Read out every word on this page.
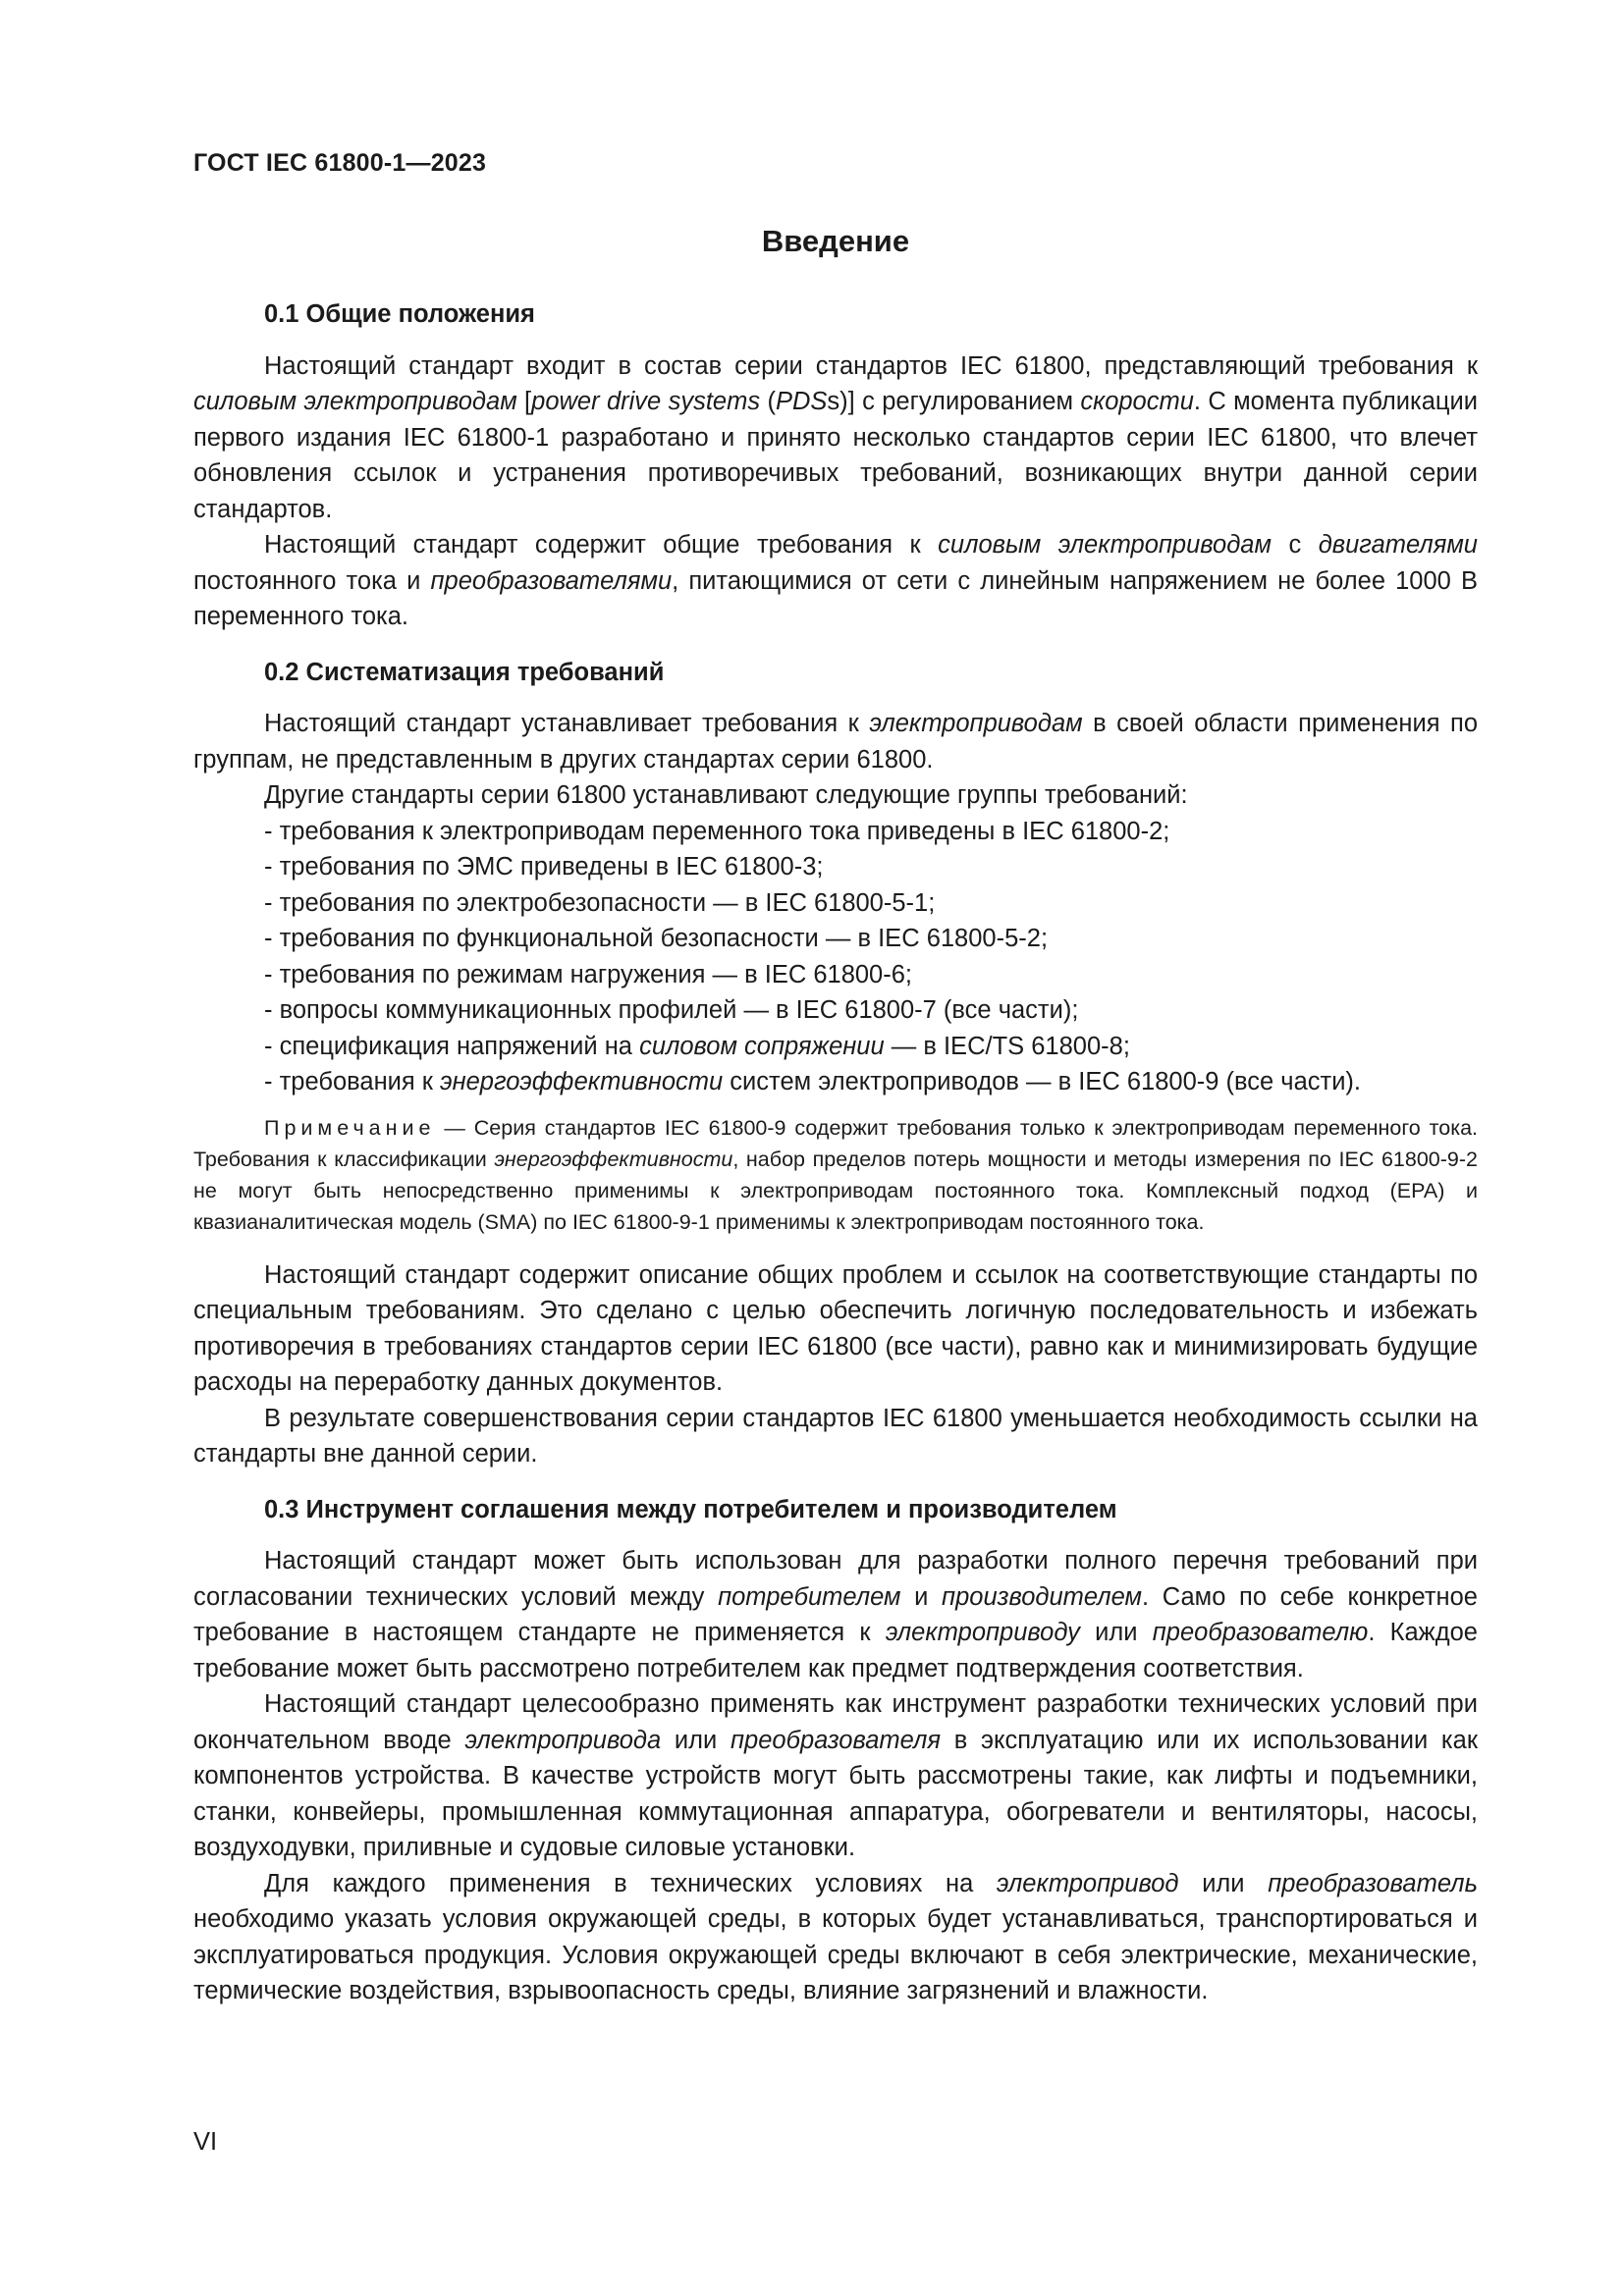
ГОСТ IEC 61800-1—2023
Введение
0.1 Общие положения

Настоящий стандарт входит в состав серии стандартов IEC 61800, представляющий требования к силовым электроприводам [power drive systems (PDSs)] с регулированием скорости. С момента публикации первого издания IEC 61800-1 разработано и принято несколько стандартов серии IEC 61800, что влечет обновления ссылок и устранения противоречивых требований, возникающих внутри данной серии стандартов.

Настоящий стандарт содержит общие требования к силовым электроприводам с двигателями постоянного тока и преобразователями, питающимися от сети с линейным напряжением не более 1000 В переменного тока.

0.2 Систематизация требований

Настоящий стандарт устанавливает требования к электроприводам в своей области применения по группам, не представленным в других стандартах серии 61800.

Другие стандарты серии 61800 устанавливают следующие группы требований:

- требования к электроприводам переменного тока приведены в IEC 61800-2;
- требования по ЭМС приведены в IEC 61800-3;
- требования по электробезопасности — в IEC 61800-5-1;
- требования по функциональной безопасности — в IEC 61800-5-2;
- требования по режимам нагружения — в IEC 61800-6;
- вопросы коммуникационных профилей — в IEC 61800-7 (все части);
- спецификация напряжений на силовом сопряжении — в IEC/TS 61800-8;
- требования к энергоэффективности систем электроприводов — в IEC 61800-9 (все части).

Примечание — Серия стандартов IEC 61800-9 содержит требования только к электроприводам переменного тока. Требования к классификации энергоэффективности, набор пределов потерь мощности и методы измерения по IEC 61800-9-2 не могут быть непосредственно применимы к электроприводам постоянного тока. Комплексный подход (EPA) и квазианалитическая модель (SMA) по IEC 61800-9-1 применимы к электроприводам постоянного тока.

Настоящий стандарт содержит описание общих проблем и ссылок на соответствующие стандарты по специальным требованиям. Это сделано с целью обеспечить логичную последовательность и избежать противоречия в требованиях стандартов серии IEC 61800 (все части), равно как и минимизировать будущие расходы на переработку данных документов.

В результате совершенствования серии стандартов IEC 61800 уменьшается необходимость ссылки на стандарты вне данной серии.

0.3 Инструмент соглашения между потребителем и производителем

Настоящий стандарт может быть использован для разработки полного перечня требований при согласовании технических условий между потребителем и производителем. Само по себе конкретное требование в настоящем стандарте не применяется к электроприводу или преобразователю. Каждое требование может быть рассмотрено потребителем как предмет подтверждения соответствия.

Настоящий стандарт целесообразно применять как инструмент разработки технических условий при окончательном вводе электропривода или преобразователя в эксплуатацию или их использовании как компонентов устройства. В качестве устройств могут быть рассмотрены такие, как лифты и подъемники, станки, конвейеры, промышленная коммутационная аппаратура, обогреватели и вентиляторы, насосы, воздуходувки, приливные и судовые силовые установки.

Для каждого применения в технических условиях на электропривод или преобразователь необходимо указать условия окружающей среды, в которых будет устанавливаться, транспортироваться и эксплуатироваться продукция. Условия окружающей среды включают в себя электрические, механические, термические воздействия, взрывоопасность среды, влияние загрязнений и влажности.

VI
